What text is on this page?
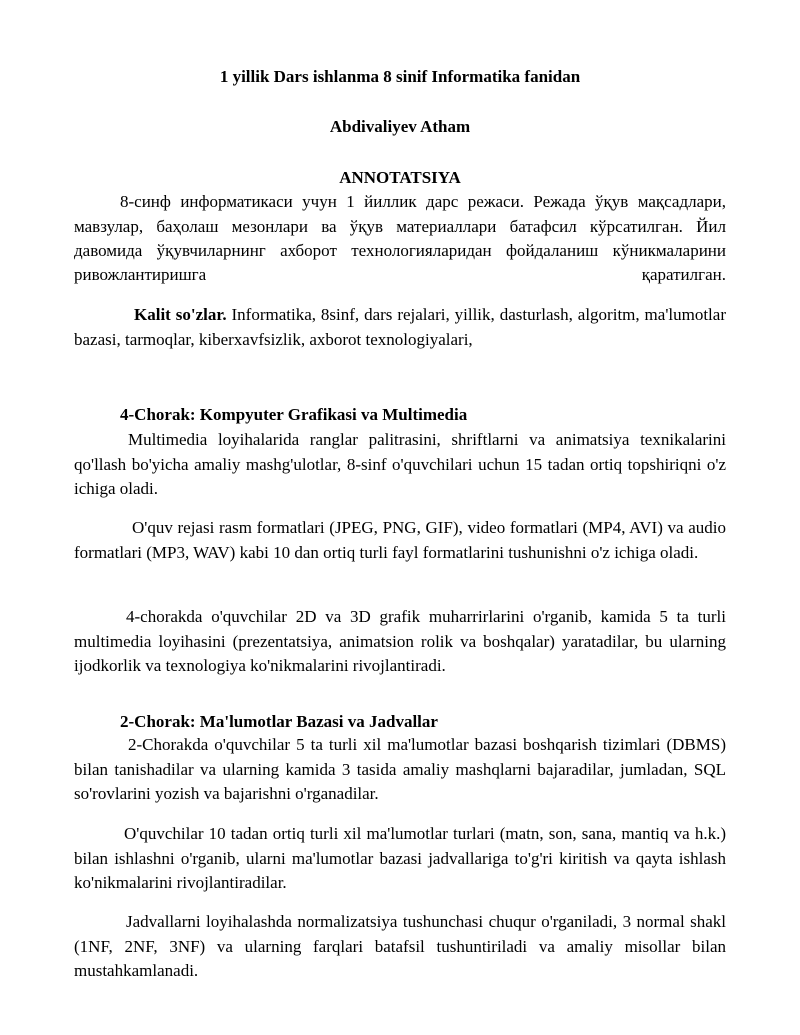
1 yillik Dars ishlanma 8 sinif Informatika fanidan
Abdivaliyev Atham
ANNOTATSIYA

8-синф информатикаси учун 1 йиллик дарс режаси. Режада ўқув мақсадлари, мавзулар, баҳолаш мезонлари ва ўқув материаллари батафсил кўрсатилган. Йил давомида ўқувчиларнинг ахборот технологияларидан фойдаланиш кўникмаларини

ривожлантиришга	қаратилган.

Kalit so'zlar. Informatika, 8sinf, dars rejalari, yillik, dasturlash, algoritm, ma'lumotlar bazasi, tarmoqlar, kiberxavfsizlik, axborot texnologiyalari,

4-Chorak: Kompyuter Grafikasi va Multimedia

Multimedia loyihalarida ranglar palitrasini, shriftlarni va animatsiya texnikalarini qo'llash bo'yicha amaliy mashg'ulotlar, 8-sinf o'quvchilari uchun 15 tadan ortiq topshiriqni o'z ichiga oladi.

O'quv rejasi rasm formatlari (JPEG, PNG, GIF), video formatlari (MP4, AVI) va audio formatlari (MP3, WAV) kabi 10 dan ortiq turli fayl formatlarini tushunishni o'z ichiga oladi.

4-chorakda o'quvchilar 2D va 3D grafik muharrirlarini o'rganib, kamida 5 ta turli multimedia loyihasini (prezentatsiya, animatsion rolik va boshqalar) yaratadilar, bu ularning ijodkorlik va texnologiya ko'nikmalarini rivojlantiradi.

2-Chorak: Ma'lumotlar Bazasi va Jadvallar

2-Chorakda o'quvchilar 5 ta turli xil ma'lumotlar bazasi boshqarish tizimlari (DBMS) bilan tanishadilar va ularning kamida 3 tasida amaliy mashqlarni bajaradilar, jumladan, SQL so'rovlarini yozish va bajarishni o'rganadilar.

O'quvchilar 10 tadan ortiq turli xil ma'lumotlar turlari (matn, son, sana, mantiq va h.k.) bilan ishlashni o'rganib, ularni ma'lumotlar bazasi jadvallariga to'g'ri kiritish va qayta ishlash ko'nikmalarini rivojlantiradilar.

Jadvallarni loyihalashda normalizatsiya tushunchasi chuqur o'rganiladi, 3 normal shakl (1NF, 2NF, 3NF) va ularning farqlari batafsil tushuntiriladi va amaliy misollar bilan mustahkamlanadi.
